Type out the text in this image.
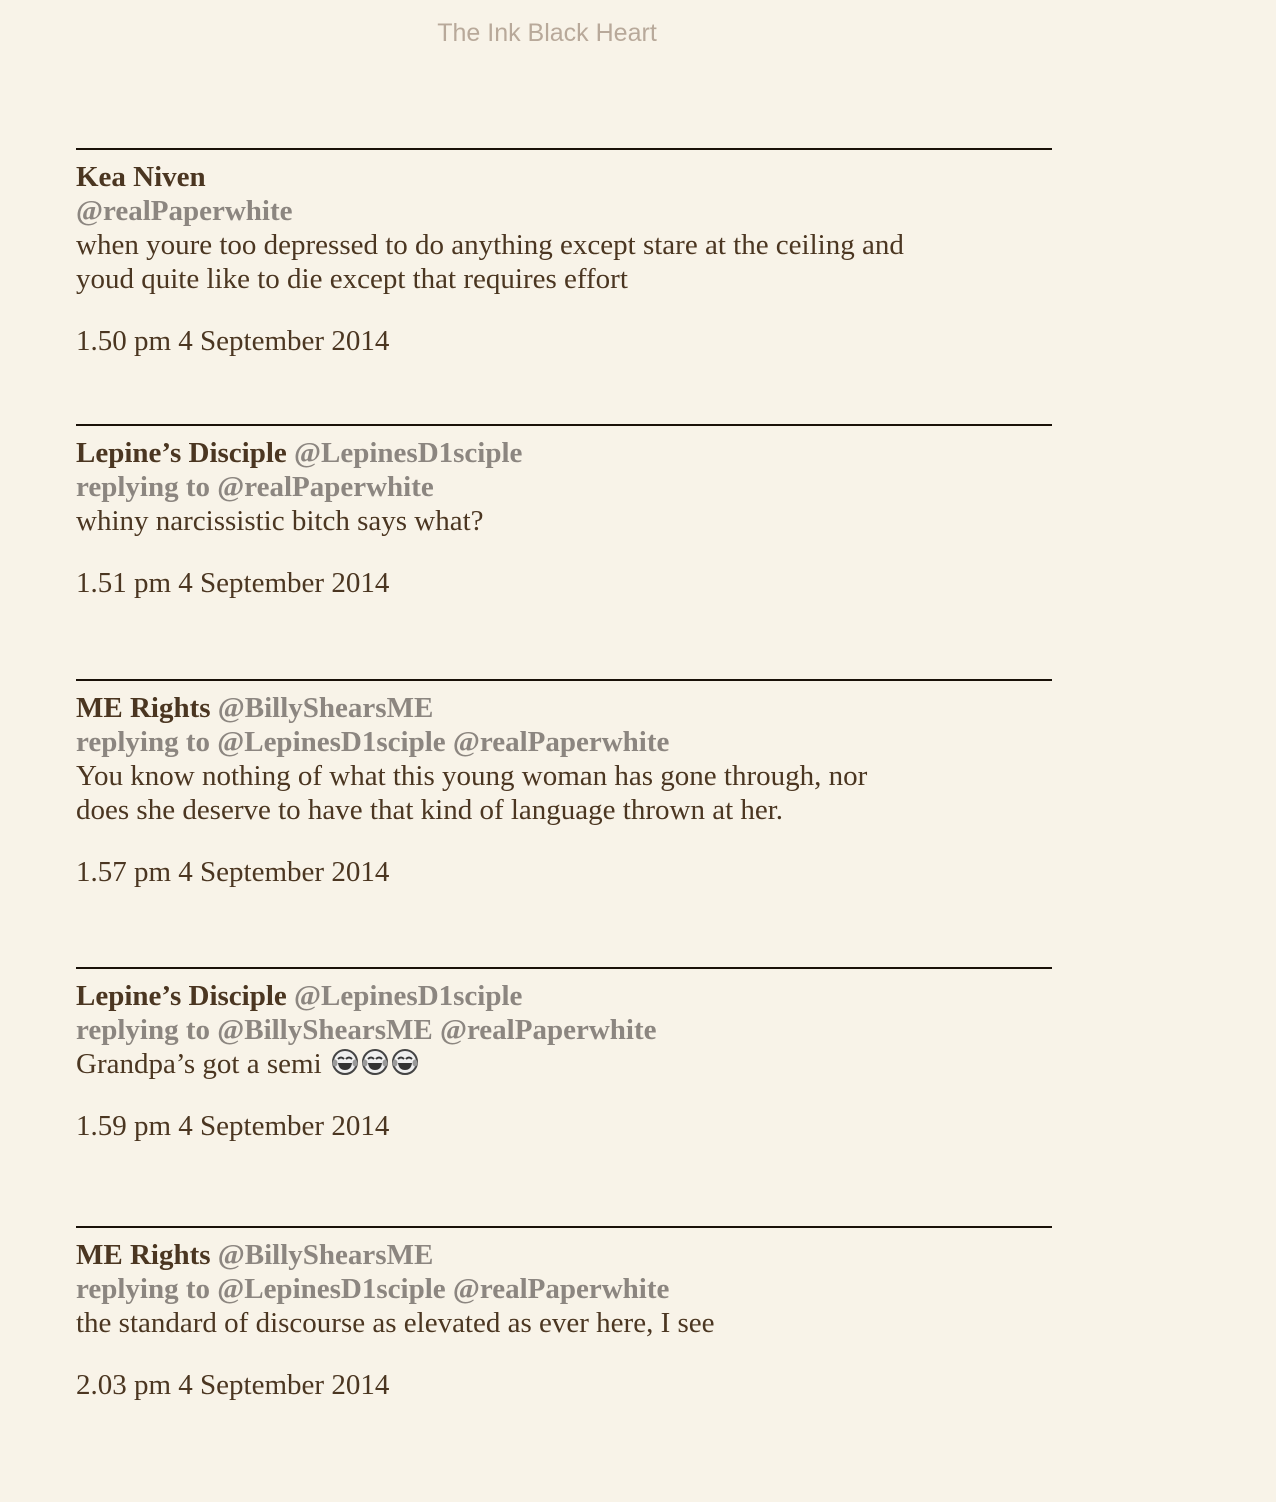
The Ink Black Heart

Kea Niven

@realPaperwhite

when youre too depressed to do anything except stare at the ceiling and

youd quite like to die except that requires effort

1.50 pm 4 September 2014

Lepine’s Disciple @LepinesD1sciple

replying to @realPaperwhite

whiny narcissistic bitch says what?

1.51 pm 4 September 2014

ME Rights @BillyShearsME

replying to @LepinesD1sciple @realPaperwhite

You know nothing of what this young woman has gone through, nor

does she deserve to have that kind of language thrown at her.

1.57 pm 4 September 2014

Lepine’s Disciple @LepinesD1sciple

replying to @BillyShearsME @realPaperwhite

Grandpa’s got a semi

1.59 pm 4 September 2014

ME Rights @BillyShearsME

replying to @LepinesD1sciple @realPaperwhite

the standard of discourse as elevated as ever here, I see

2.03 pm 4 September 2014
